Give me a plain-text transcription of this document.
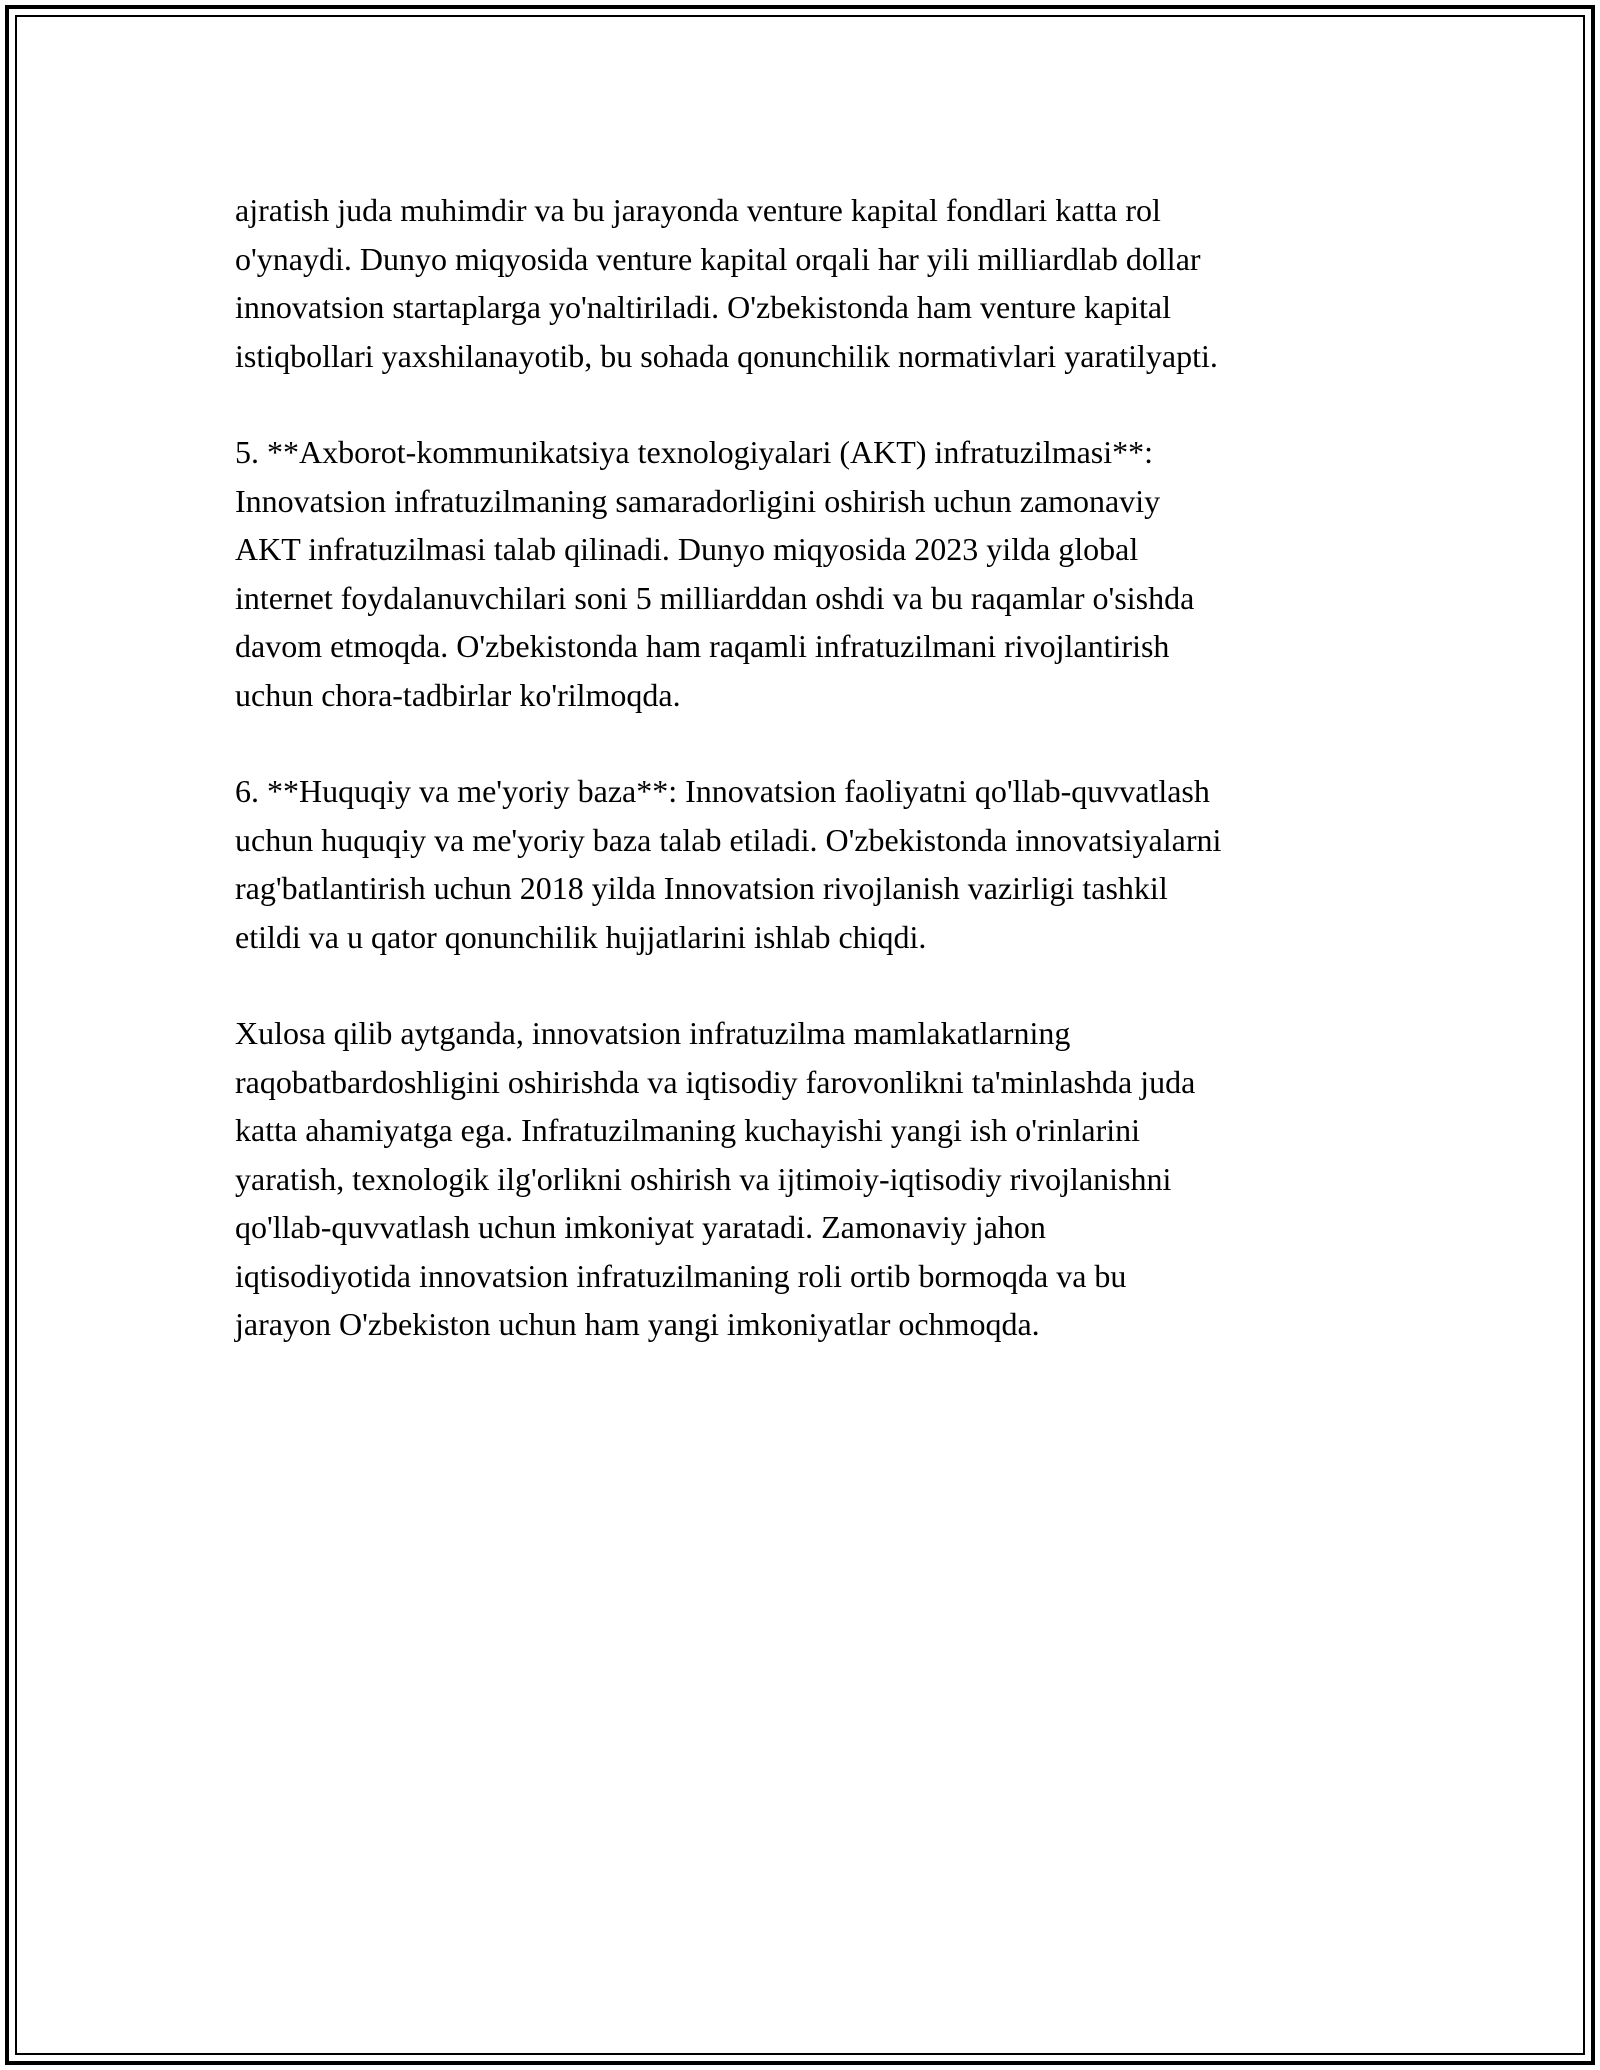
ajratish juda muhimdir va bu jarayonda venture kapital fondlari katta rol
o'ynaydi. Dunyo miqyosida venture kapital orqali har yili milliardlab dollar
innovatsion startaplarga yo'naltiriladi. O'zbekistonda ham venture kapital
istiqbollari yaxshilanayotib, bu sohada qonunchilik normativlari yaratilyapti.

5. **Axborot-kommunikatsiya texnologiyalari (AKT) infratuzilmasi**:
Innovatsion infratuzilmaning samaradorligini oshirish uchun zamonaviy
AKT infratuzilmasi talab qilinadi. Dunyo miqyosida 2023 yilda global
internet foydalanuvchilari soni 5 milliarddan oshdi va bu raqamlar o'sishda
davom etmoqda. O'zbekistonda ham raqamli infratuzilmani rivojlantirish
uchun chora-tadbirlar ko'rilmoqda.

6. **Huquqiy va me'yoriy baza**: Innovatsion faoliyatni qo'llab-quvvatlash
uchun huquqiy va me'yoriy baza talab etiladi. O'zbekistonda innovatsiyalarni
rag'batlantirish uchun 2018 yilda Innovatsion rivojlanish vazirligi tashkil
etildi va u qator qonunchilik hujjatlarini ishlab chiqdi.

Xulosa qilib aytganda, innovatsion infratuzilma mamlakatlarning
raqobatbardoshligini oshirishda va iqtisodiy farovonlikni ta'minlashda juda
katta ahamiyatga ega. Infratuzilmaning kuchayishi yangi ish o'rinlarini
yaratish, texnologik ilg'orlikni oshirish va ijtimoiy-iqtisodiy rivojlanishni
qo'llab-quvvatlash uchun imkoniyat yaratadi. Zamonaviy jahon
iqtisodiyotida innovatsion infratuzilmaning roli ortib bormoqda va bu
jarayon O'zbekiston uchun ham yangi imkoniyatlar ochmoqda.
